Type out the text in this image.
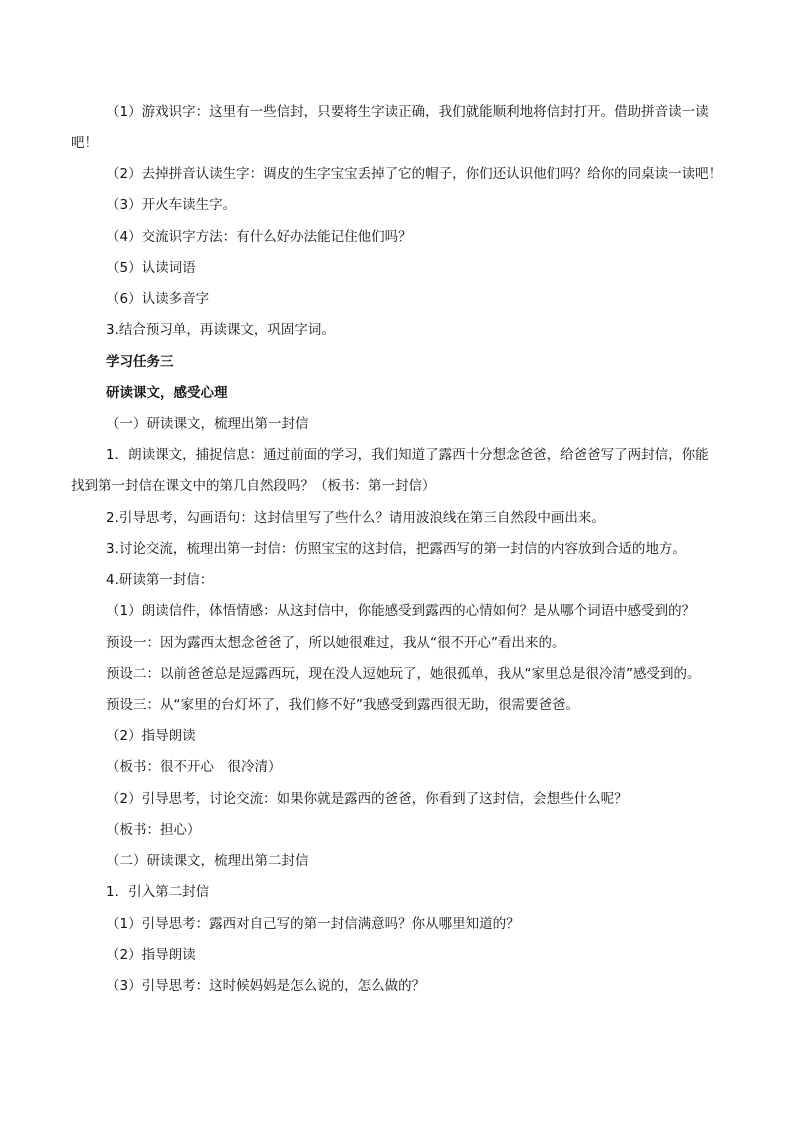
（1）游戏识字：这里有一些信封，只要将生字读正确，我们就能顺利地将信封打开。借助拼音读一读
吧！
（2）去掉拼音认读生字：调皮的生字宝宝丢掉了它的帽子，你们还认识他们吗？给你的同桌读一读吧！
（3）开火车读生字。
（4）交流识字方法：有什么好办法能记住他们吗？
（5）认读词语
（6）认读多音字
3.结合预习单，再读课文，巩固字词。
学习任务三
研读课文，感受心理
（一）研读课文，梳理出第一封信
1．朗读课文，捕捉信息：通过前面的学习，我们知道了露西十分想念爸爸，给爸爸写了两封信，你能
找到第一封信在课文中的第几自然段吗？（板书：第一封信）
2.引导思考，勾画语句：这封信里写了些什么？请用波浪线在第三自然段中画出来。
3.讨论交流，梳理出第一封信：仿照宝宝的这封信，把露西写的第一封信的内容放到合适的地方。
4.研读第一封信：
（1）朗读信件，体悟情感：从这封信中，你能感受到露西的心情如何？是从哪个词语中感受到的？
预设一：因为露西太想念爸爸了，所以她很难过，我从“很不开心”看出来的。
预设二：以前爸爸总是逗露西玩，现在没人逗她玩了，她很孤单，我从“家里总是很冷清”感受到的。
预设三：从“家里的台灯坏了，我们修不好”我感受到露西很无助，很需要爸爸。
（2）指导朗读
（板书：很不开心　很冷清）
（2）引导思考，讨论交流：如果你就是露西的爸爸，你看到了这封信，会想些什么呢？
（板书：担心）
（二）研读课文，梳理出第二封信
1．引入第二封信
（1）引导思考：露西对自己写的第一封信满意吗？你从哪里知道的？
（2）指导朗读
（3）引导思考：这时候妈妈是怎么说的，怎么做的？
